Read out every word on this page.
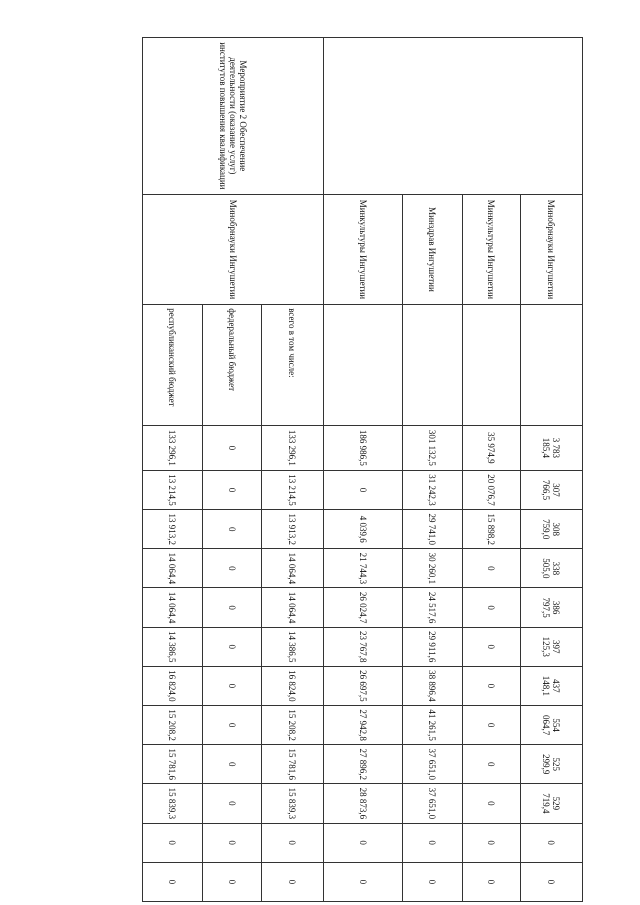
	Минобрнауки Ингушетии		3 783 185,4	307 766,5	308 759,0	338 505,0	386 797,5	397 125,3	437 148,1	554 064,7	525 299,9	529 719,4	0	0	
	Минкультуры Ингушетии		35 974,9	20 076,7	15 898,2	0	0	0	0	0	0	0	0	0	
	Минздрав Ингушетии		301 132,5	31 242,3	29 741,0	30 260,1	24 517,6	29 911,6	38 896,4	41 261,5	37 651,0	37 651,0	0	0	
	Минкультуры Ингушетии		186 986,5	0	4 039,6	21 744,3	26 024,7	23 767,8	26 697,5	27 942,8	27 896,2	28 873,6	0	0	
Мероприятие 2 Обеспечение деятельности (оказание услуг) институтов повышения квалификации	Минобрнауки Ингушетии	всего в том числе:	133 296,1	13 214,5	13 913,2	14 064,4	14 064,4	14 386,5	16 824,0	15 208,2	15 781,6	15 839,3	0	0	
		федеральный бюджет	0	0	0	0	0	0	0	0	0	0	0	0	
		республиканский бюджет	133 296,1	13 214,5	13 913,2	14 064,4	14 064,4	14 386,5	16 824,0	15 208,2	15 781,6	15 839,3	0	0	
